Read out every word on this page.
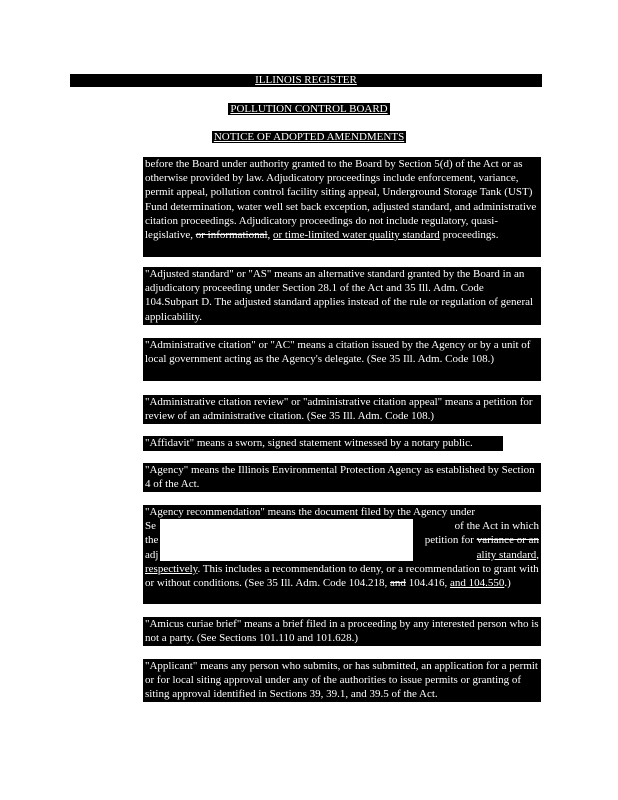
ILLINOIS REGISTER
POLLUTION CONTROL BOARD
NOTICE OF ADOPTED AMENDMENTS

before the Board under authority granted to the Board by Section 5(d) of the Act or as otherwise provided by law. Adjudicatory proceedings include enforcement, variance, permit appeal, pollution control facility siting appeal, Underground Storage Tank (UST) Fund determination, water well set back exception, adjusted standard, and administrative citation proceedings. Adjudicatory proceedings do not include regulatory, quasi-legislative, or informational, or time-limited water quality standard proceedings.

"Adjusted standard" or "AS" means an alternative standard granted by the Board in an adjudicatory proceeding under Section 28.1 of the Act and 35 Ill. Adm. Code 104.Subpart D. The adjusted standard applies instead of the rule or regulation of general applicability.

"Administrative citation" or "AC" means a citation issued by the Agency or by a unit of local government acting as the Agency's delegate. (See 35 Ill. Adm. Code 108.)

"Administrative citation review" or "administrative citation appeal" means a petition for review of an administrative citation. (See 35 Ill. Adm. Code 108.)

"Affidavit" means a sworn, signed statement witnessed by a notary public.

"Agency" means the Illinois Environmental Protection Agency as established by Section 4 of the Act.

"Agency recommendation" means the document filed by the Agency under

Se	of the Act in which

the	petition for variance or an

adj	ality standard,

respectively. This includes a recommendation to deny, or a recommendation to grant with or without conditions. (See 35 Ill. Adm. Code 104.218, and 104.416, and 104.550.)

"Amicus curiae brief" means a brief filed in a proceeding by any interested person who is not a party. (See Sections 101.110 and 101.628.)

"Applicant" means any person who submits, or has submitted, an application for a permit or for local siting approval under any of the authorities to issue permits or granting of siting approval identified in Sections 39, 39.1, and 39.5 of the Act.
